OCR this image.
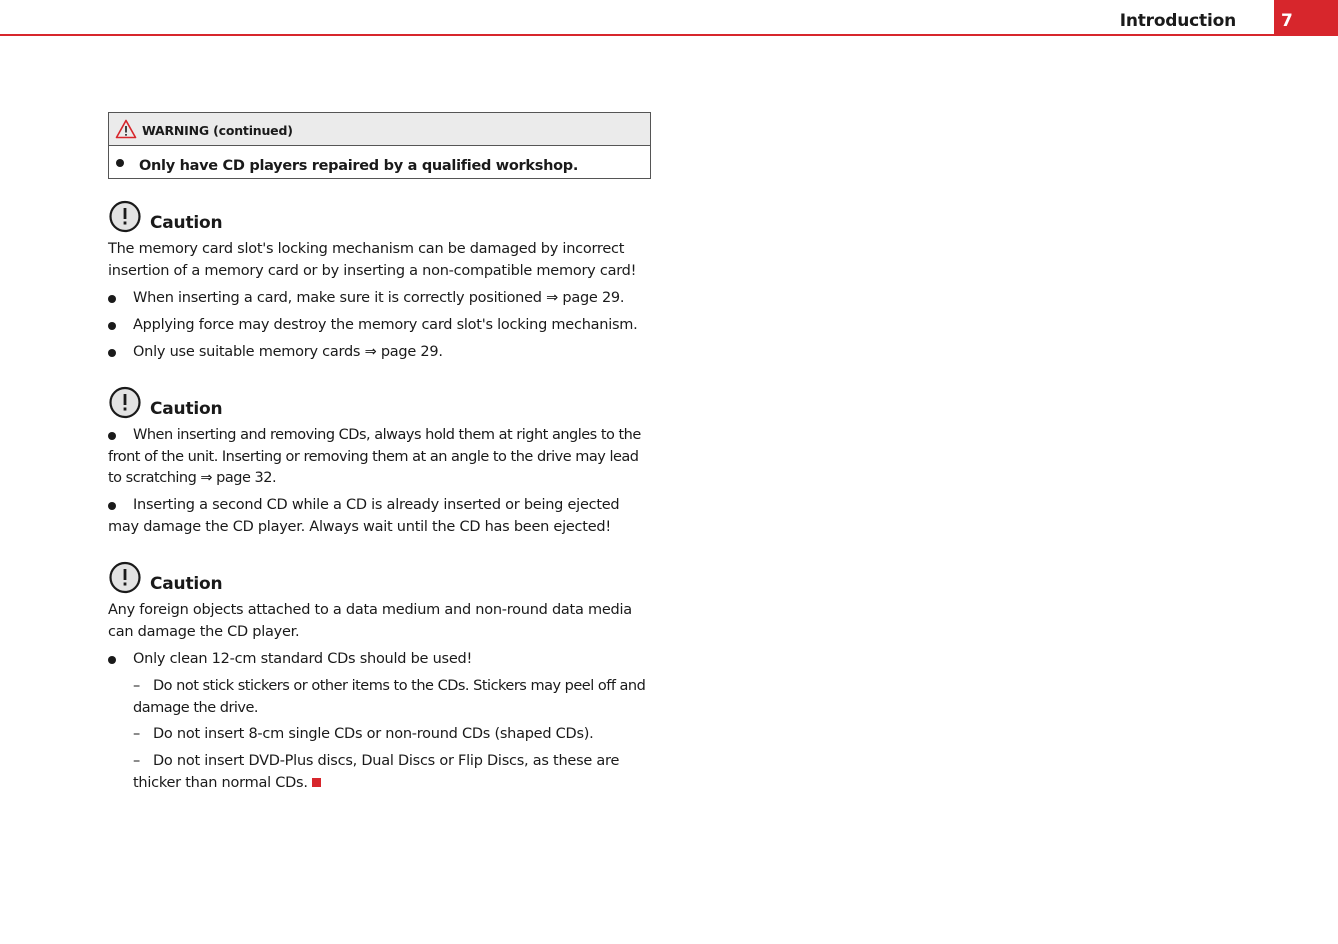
Introduction	7
WARNING (continued)
Only have CD players repaired by a qualified workshop.
Caution
The memory card slot's locking mechanism can be damaged by incorrect insertion of a memory card or by inserting a non-compatible memory card!
When inserting a card, make sure it is correctly positioned ⇒ page 29.
Applying force may destroy the memory card slot's locking mechanism.
Only use suitable memory cards ⇒ page 29.
Caution
When inserting and removing CDs, always hold them at right angles to the front of the unit. Inserting or removing them at an angle to the drive may lead to scratching ⇒ page 32.
Inserting a second CD while a CD is already inserted or being ejected may damage the CD player. Always wait until the CD has been ejected!
Caution
Any foreign objects attached to a data medium and non-round data media can damage the CD player.
Only clean 12-cm standard CDs should be used!
– Do not stick stickers or other items to the CDs. Stickers may peel off and damage the drive.
– Do not insert 8-cm single CDs or non-round CDs (shaped CDs).
– Do not insert DVD-Plus discs, Dual Discs or Flip Discs, as these are thicker than normal CDs.
